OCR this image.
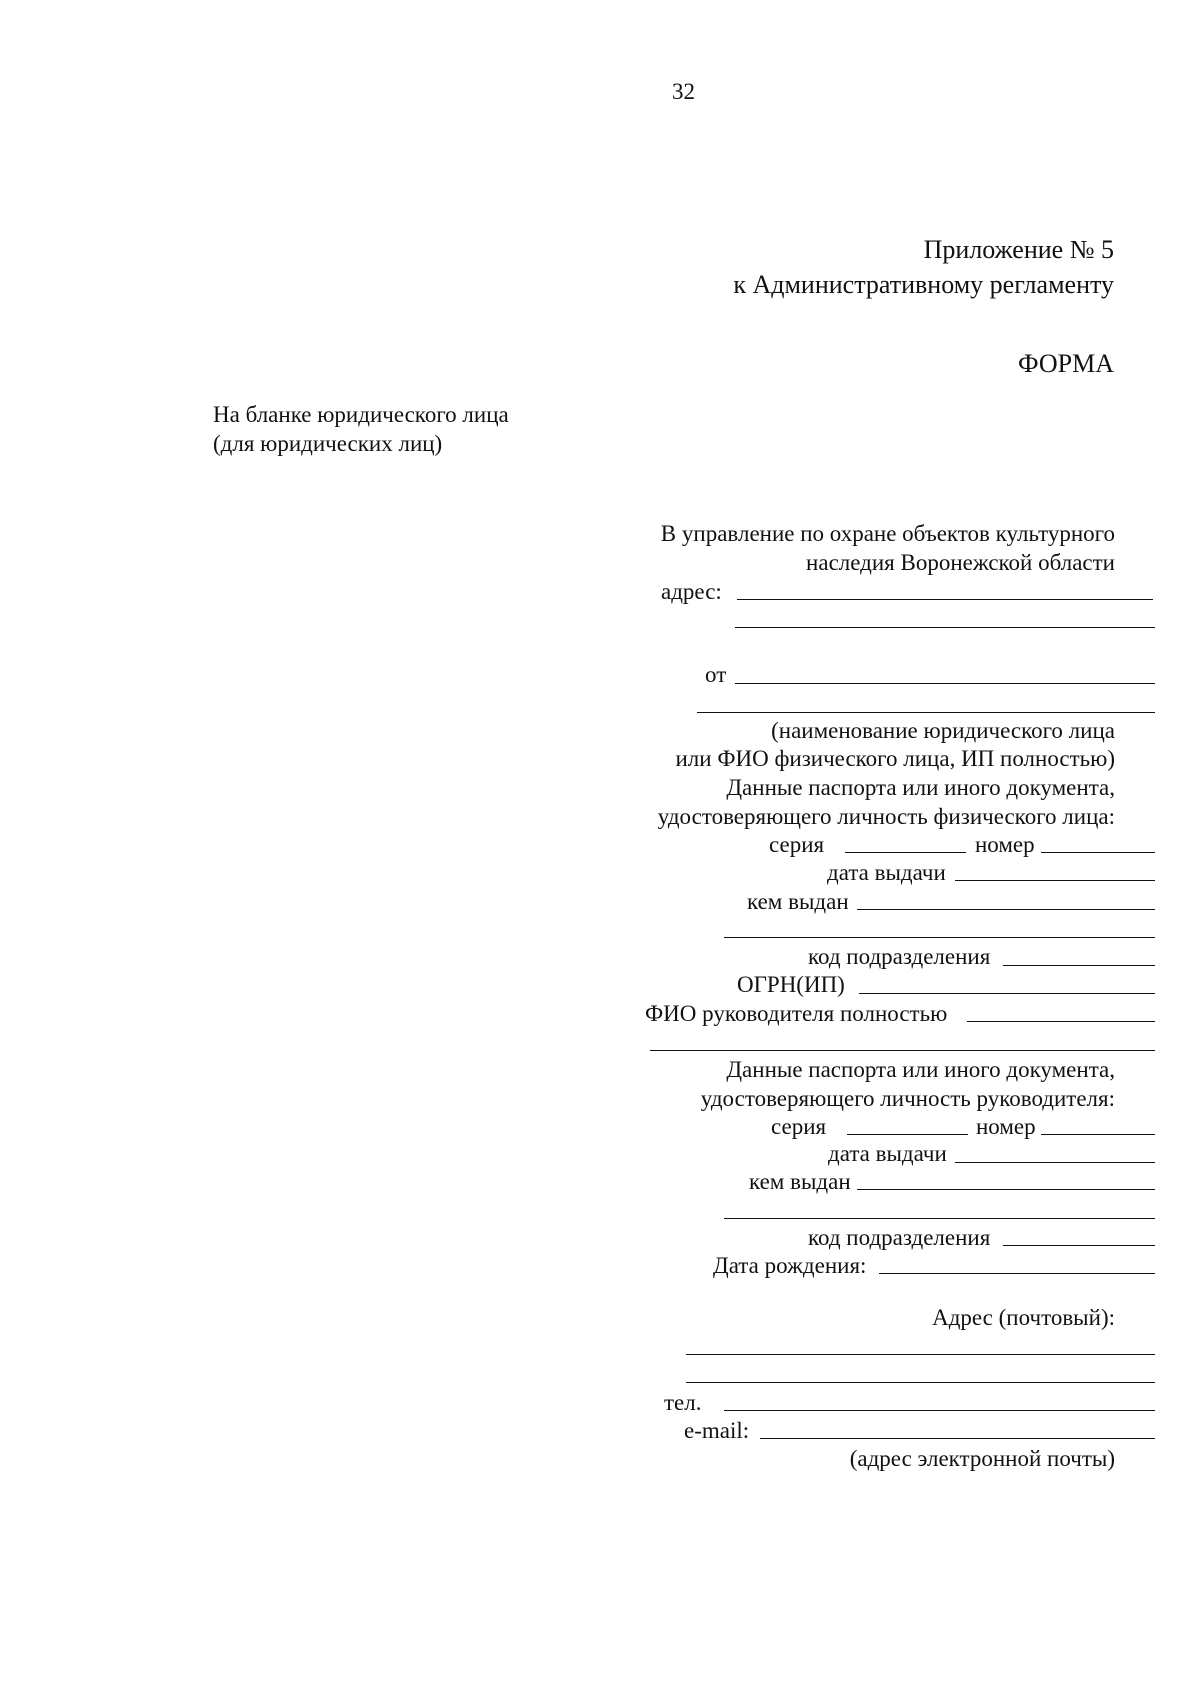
32
Приложение № 5
к Административному регламенту
ФОРМА
На бланке юридического лица
(для юридических лиц)
В управление по охране объектов культурного
наследия Воронежской области
адрес:
от
(наименование юридического лица
или ФИО физического лица, ИП полностью)
Данные паспорта или иного документа,
удостоверяющего личность физического лица:
серия	номер
дата выдачи
кем выдан
код подразделения
ОГРН(ИП)
ФИО руководителя полностью
Данные паспорта или иного документа,
удостоверяющего личность руководителя:
серия	номер
дата выдачи
кем выдан
код подразделения
Дата рождения:
Адрес (почтовый):
тел.
e-mail:
(адрес электронной почты)
